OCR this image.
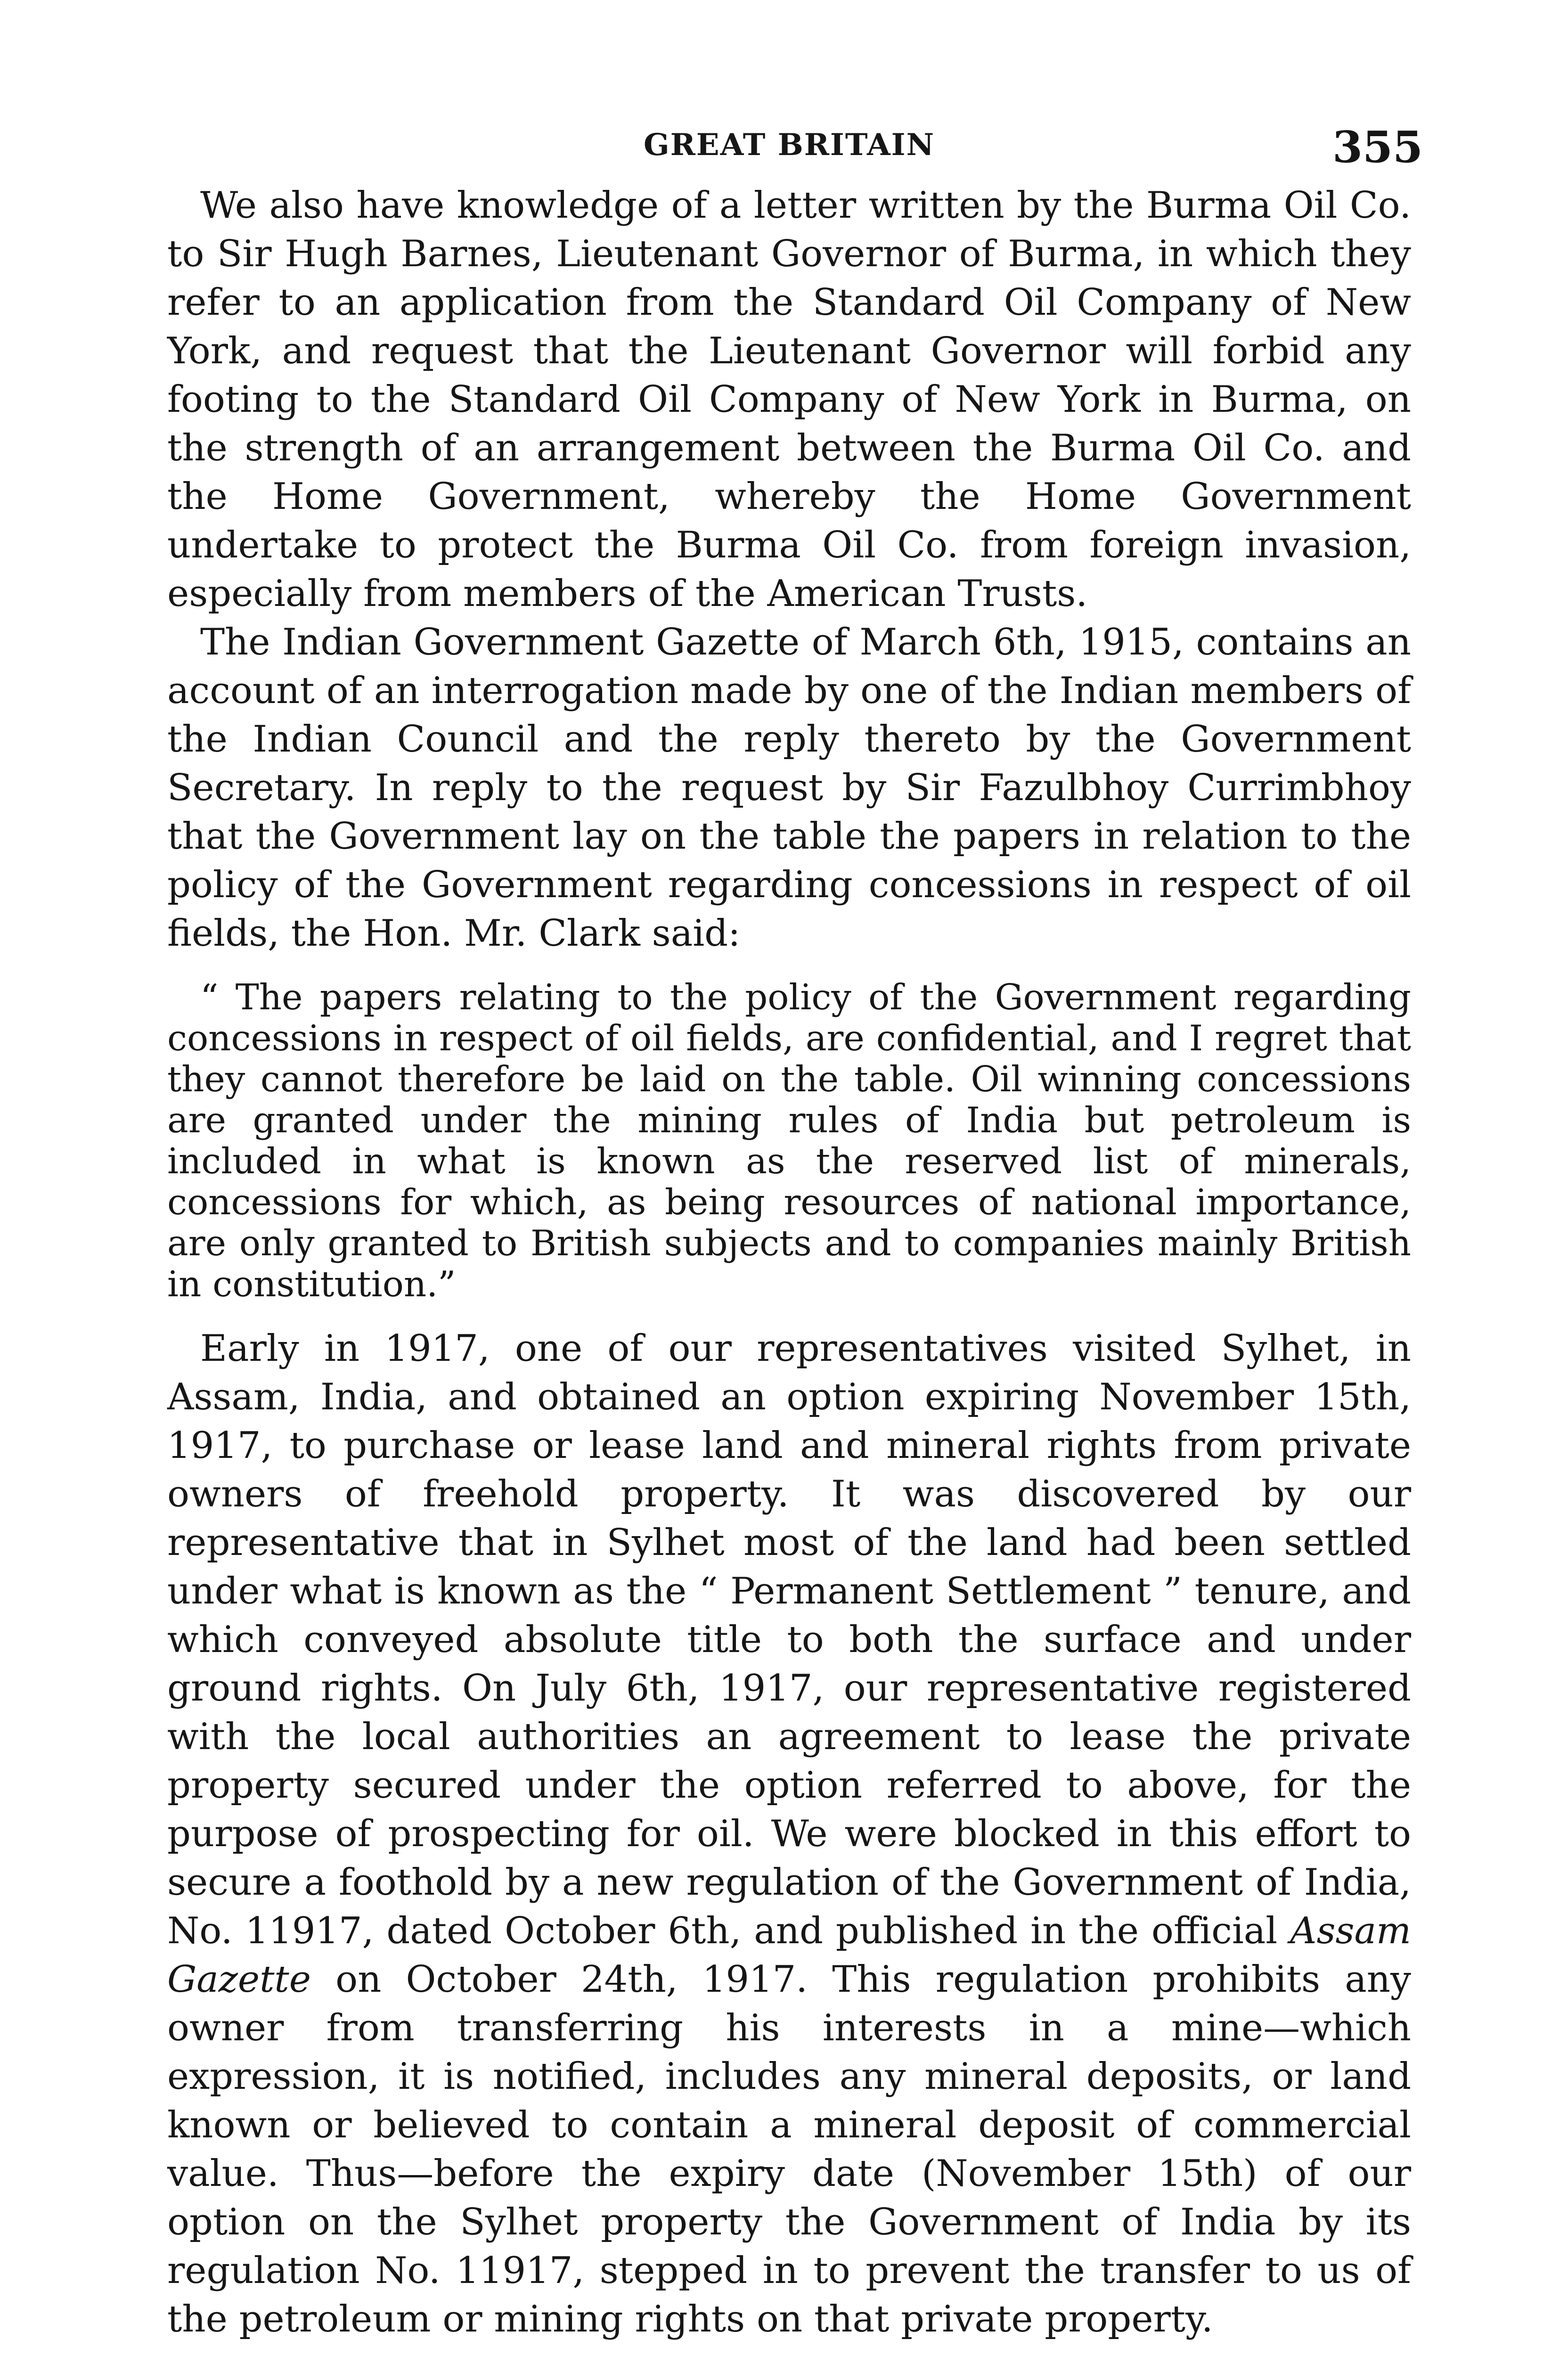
GREAT BRITAIN	355

We also have knowledge of a letter written by the Burma Oil Co. to Sir Hugh Barnes, Lieutenant Governor of Burma, in which they refer to an application from the Standard Oil Company of New York, and request that the Lieutenant Governor will forbid any footing to the Standard Oil Company of New York in Burma, on the strength of an arrangement between the Burma Oil Co. and the Home Government, whereby the Home Government undertake to protect the Burma Oil Co. from foreign invasion, especially from members of the American Trusts.

The Indian Government Gazette of March 6th, 1915, contains an account of an interrogation made by one of the Indian members of the Indian Council and the reply thereto by the Government Secretary. In reply to the request by Sir Fazulbhoy Currimbhoy that the Government lay on the table the papers in relation to the policy of the Government regarding concessions in respect of oil fields, the Hon. Mr. Clark said:

“ The papers relating to the policy of the Government regarding concessions in respect of oil fields, are confidential, and I regret that they cannot therefore be laid on the table. Oil winning concessions are granted under the mining rules of India but petroleum is included in what is known as the reserved list of minerals, concessions for which, as being resources of national importance, are only granted to British subjects and to companies mainly British in constitution.”

Early in 1917, one of our representatives visited Sylhet, in Assam, India, and obtained an option expiring November 15th, 1917, to purchase or lease land and mineral rights from private owners of freehold property. It was discovered by our representative that in Sylhet most of the land had been settled under what is known as the “ Permanent Settlement ” tenure, and which conveyed absolute title to both the surface and under ground rights. On July 6th, 1917, our representative registered with the local authorities an agreement to lease the private property secured under the option referred to above, for the purpose of prospecting for oil. We were blocked in this effort to secure a foothold by a new regulation of the Government of India, No. 11917, dated October 6th, and published in the official Assam Gazette on October 24th, 1917. This regulation prohibits any owner from transferring his interests in a mine—which expression, it is notified, includes any mineral deposits, or land known or believed to contain a mineral deposit of commercial value. Thus—before the expiry date (November 15th) of our option on the Sylhet property the Government of India by its regulation No. 11917, stepped in to prevent the transfer to us of the petroleum or mining rights on that private property.
